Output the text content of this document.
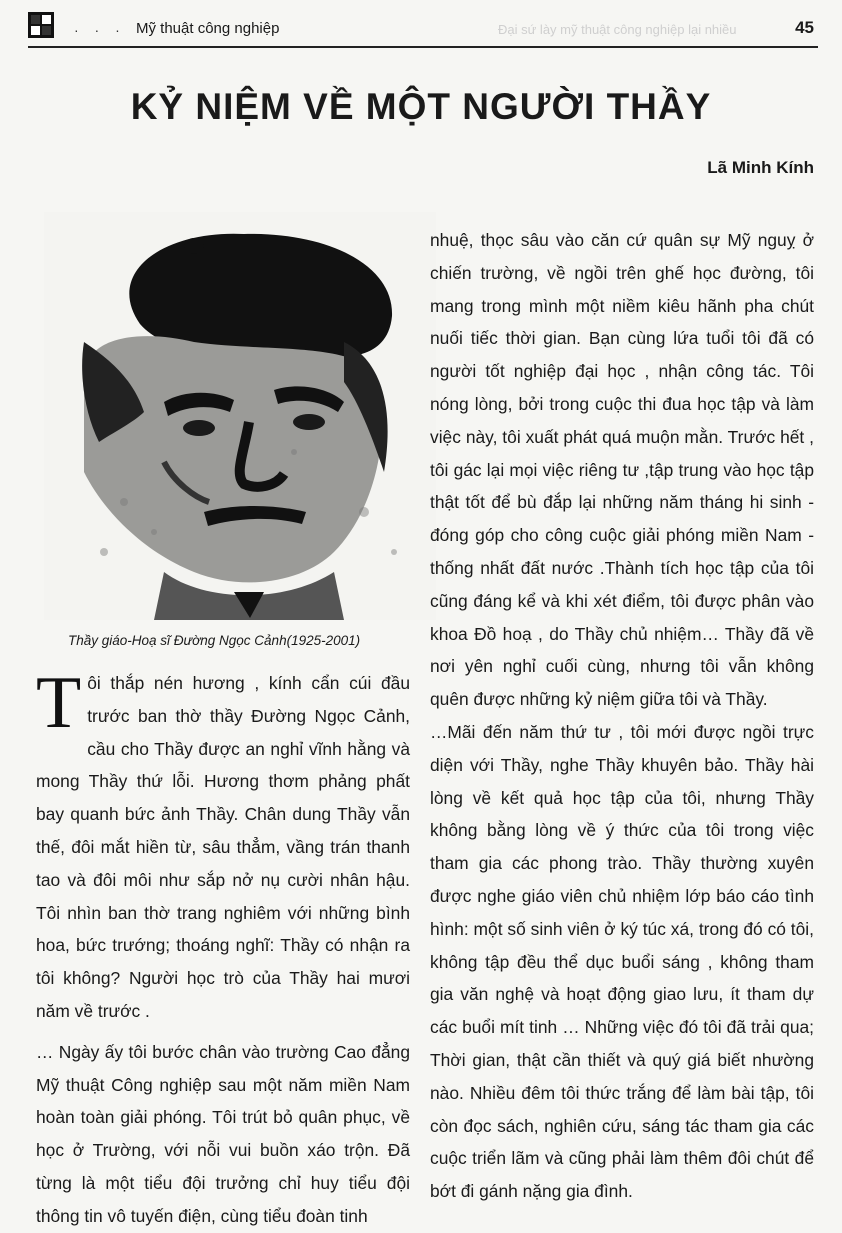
· · · Mỹ thuật công nghiệp	Đại sứ lày mỹ thuật công nghiệp lại nhiều	45
KỶ NIỆM VỀ MỘT NGƯỜI THẦY
Lã Minh Kính
Thầy giáo-Hoạ sĩ Đường Ngọc Cảnh(1925-2001)

Tôi thắp nén hương , kính cẩn cúi đầu trước ban thờ thầy Đường Ngọc Cảnh, cầu cho Thầy được an nghỉ vĩnh hằng và mong Thầy thứ lỗi. Hương thơm phảng phất bay quanh bức ảnh Thầy. Chân dung Thầy vẫn thế, đôi mắt hiền từ, sâu thẳm, vầng trán thanh tao và đôi môi như sắp nở nụ cười nhân hậu. Tôi nhìn ban thờ trang nghiêm với những bình hoa, bức trướng; thoáng nghĩ: Thầy có nhận ra tôi không? Người học trò của Thầy hai mươi năm về trước .

… Ngày ấy tôi bước chân vào trường Cao đẳng Mỹ thuật Công nghiệp sau một năm miền Nam hoàn toàn giải phóng. Tôi trút bỏ quân phục, về học ở Trường, với nỗi vui buồn xáo trộn. Đã từng là một tiểu đội trưởng chỉ huy tiểu đội thông tin vô tuyến điện, cùng tiểu đoàn tinh

nhuệ, thọc sâu vào căn cứ quân sự Mỹ nguỵ ở chiến trường, về ngồi trên ghế học đường, tôi mang trong mình một niềm kiêu hãnh pha chút nuối tiếc thời gian. Bạn cùng lứa tuổi tôi đã có người tốt nghiệp đại học , nhận công tác. Tôi nóng lòng, bởi trong cuộc thi đua học tập và làm việc này, tôi xuất phát quá muộn mằn. Trước hết , tôi gác lại mọi việc riêng tư ,tập trung vào học tập thật tốt để bù đắp lại những năm tháng hi sinh - đóng góp cho công cuộc giải phóng miền Nam - thống nhất đất nước .Thành tích học tập của tôi cũng đáng kể và khi xét điểm, tôi được phân vào khoa Đồ hoạ , do Thầy chủ nhiệm… Thầy đã về nơi yên nghỉ cuối cùng, nhưng tôi vẫn không quên được những kỷ niệm giữa tôi và Thầy.

…Mãi đến năm thứ tư , tôi mới được ngồi trực diện với Thầy, nghe Thầy khuyên bảo. Thầy hài lòng về kết quả học tập của tôi, nhưng Thầy không bằng lòng về ý thức của tôi trong việc tham gia các phong trào. Thầy thường xuyên được nghe giáo viên chủ nhiệm lớp báo cáo tình hình: một số sinh viên ở ký túc xá, trong đó có tôi, không tập đều thể dục buổi sáng , không tham gia văn nghệ và hoạt động giao lưu, ít tham dự các buổi mít tinh … Những việc đó tôi đã trải qua; Thời gian, thật cần thiết và quý giá biết nhường nào. Nhiều đêm tôi thức trắng để làm bài tập, tôi còn đọc sách, nghiên cứu, sáng tác tham gia các cuộc triển lãm và cũng phải làm thêm đôi chút để bớt đi gánh nặng gia đình.
